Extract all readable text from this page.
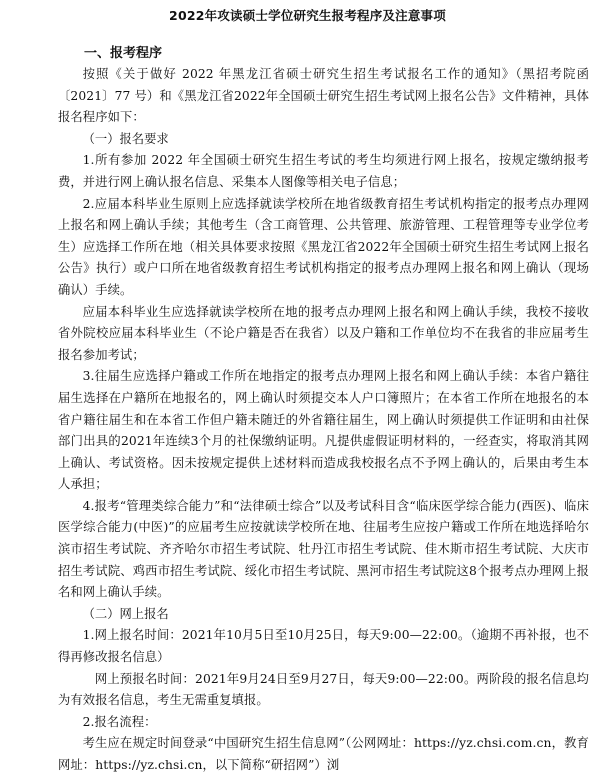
2022年攻读硕士学位研究生报考程序及注意事项
一、报考程序

按照《关于做好 2022 年黑龙江省硕士研究生招生考试报名工作的通知》（黑招考院函〔2021〕77 号）和《黑龙江省2022年全国硕士研究生招生考试网上报名公告》文件精神，具体报名程序如下：

（一）报名要求

1.所有参加 2022 年全国硕士研究生招生考试的考生均须进行网上报名，按规定缴纳报考费，并进行网上确认报名信息、采集本人图像等相关电子信息；

2.应届本科毕业生原则上应选择就读学校所在地省级教育招生考试机构指定的报考点办理网上报名和网上确认手续；其他考生（含工商管理、公共管理、旅游管理、工程管理等专业学位考生）应选择工作所在地（相关具体要求按照《黑龙江省2022年全国硕士研究生招生考试网上报名公告》执行）或户口所在地省级教育招生考试机构指定的报考点办理网上报名和网上确认（现场确认）手续。

应届本科毕业生应选择就读学校所在地的报考点办理网上报名和网上确认手续，我校不接收省外院校应届本科毕业生（不论户籍是否在我省）以及户籍和工作单位均不在我省的非应届考生报名参加考试；

3.往届生应选择户籍或工作所在地指定的报考点办理网上报名和网上确认手续：本省户籍往届生选择在户籍所在地报名的，网上确认时须提交本人户口簿照片；在本省工作所在地报名的本省户籍往届生和在本省工作但户籍未随迁的外省籍往届生，网上确认时须提供工作证明和由社保部门出具的2021年连续3个月的社保缴纳证明。凡提供虚假证明材料的，一经查实，将取消其网上确认、考试资格。因未按规定提供上述材料而造成我校报名点不予网上确认的，后果由考生本人承担；

4.报考“管理类综合能力”和“法律硕士综合”以及考试科目含“临床医学综合能力(西医)、临床医学综合能力(中医)”的应届考生应按就读学校所在地、往届考生应按户籍或工作所在地选择哈尔滨市招生考试院、齐齐哈尔市招生考试院、牡丹江市招生考试院、佳木斯市招生考试院、大庆市招生考试院、鸡西市招生考试院、绥化市招生考试院、黑河市招生考试院这8个报考点办理网上报名和网上确认手续。

（二）网上报名

1.网上报名时间：2021年10月5日至10月25日，每天9:00—22:00。（逾期不再补报，也不得再修改报名信息）

网上预报名时间：2021年9月24日至9月27日，每天9:00—22:00。两阶段的报名信息均为有效报名信息，考生无需重复填报。

2.报名流程：

考生应在规定时间登录“中国研究生招生信息网”（公网网址：https://yz.chsi.com.cn，教育网址：https://yz.chsi.cn，以下简称“研招网”）浏
